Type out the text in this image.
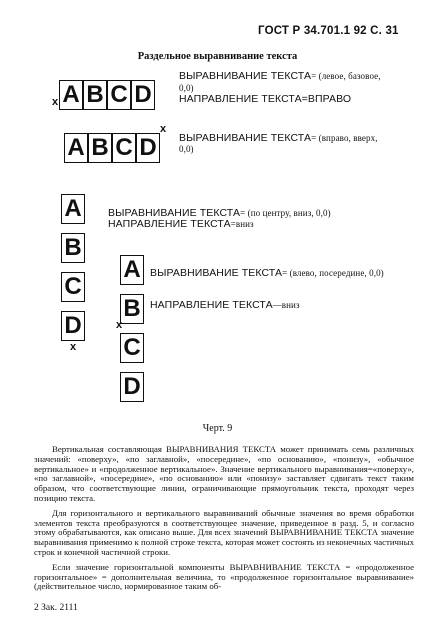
ГОСТ Р 34.701.1 92 С. 31
Раздельное выравнивание текста
A B C D
x
ВЫРАВНИВАНИЕ ТЕКСТА= (левое, базовое,
0,0)
НАПРАВЛЕНИЕ ТЕКСТА=ВПРАВО
A B C D
x
ВЫРАВНИВАНИЕ ТЕКСТА= (вправо, вверх,
0,0)
A
B
C
D
x
ВЫРАВНИВАНИЕ ТЕКСТА= (по центру, вниз, 0,0)
НАПРАВЛЕНИЕ ТЕКСТА=вниз
A
B
C
D
x
ВЫРАВНИВАНИЕ ТЕКСТА= (влево, посередине, 0,0)
НАПРАВЛЕНИЕ ТЕКСТА—вниз
Черт. 9

Вертикальная составляющая ВЫРАВНИВАНИЯ ТЕКСТА может принимать семь различных значений: «поверху», «по заглавной», «посередине», «по основанию», «понизу», «обычное вертикальное» и «продолженное вертикальное». Значение вертикального выравнивания=«поверху», «по заглавной», «посередине», «по основанию» или «понизу» заставляет сдвигать текст таким образом, что соответствующие линии, ограничивающие прямоугольник текста, проходят через позицию текста.

Для горизонтального и вертикального выравниваний обычные значения во время обработки элементов текста преобразуются в соответствующее значение, приведенное в разд. 5, и согласно этому обрабатываются, как описано выше. Для всех значений ВЫРАВНИВАНИЕ ТЕКСТА значение выравнивания применимо к полной строке текста, которая может состоять из неконечных частичных строк и конечной частичной строки.

Если значение горизонтальной компоненты ВЫРАВНИВАНИЕ ТЕКСТА = «продолженное горизонтальное» = дополнительная величина, то «продолженное горизонтальное выравнивание» (действительное число, нормированное таким об-

2 Зак. 2111
